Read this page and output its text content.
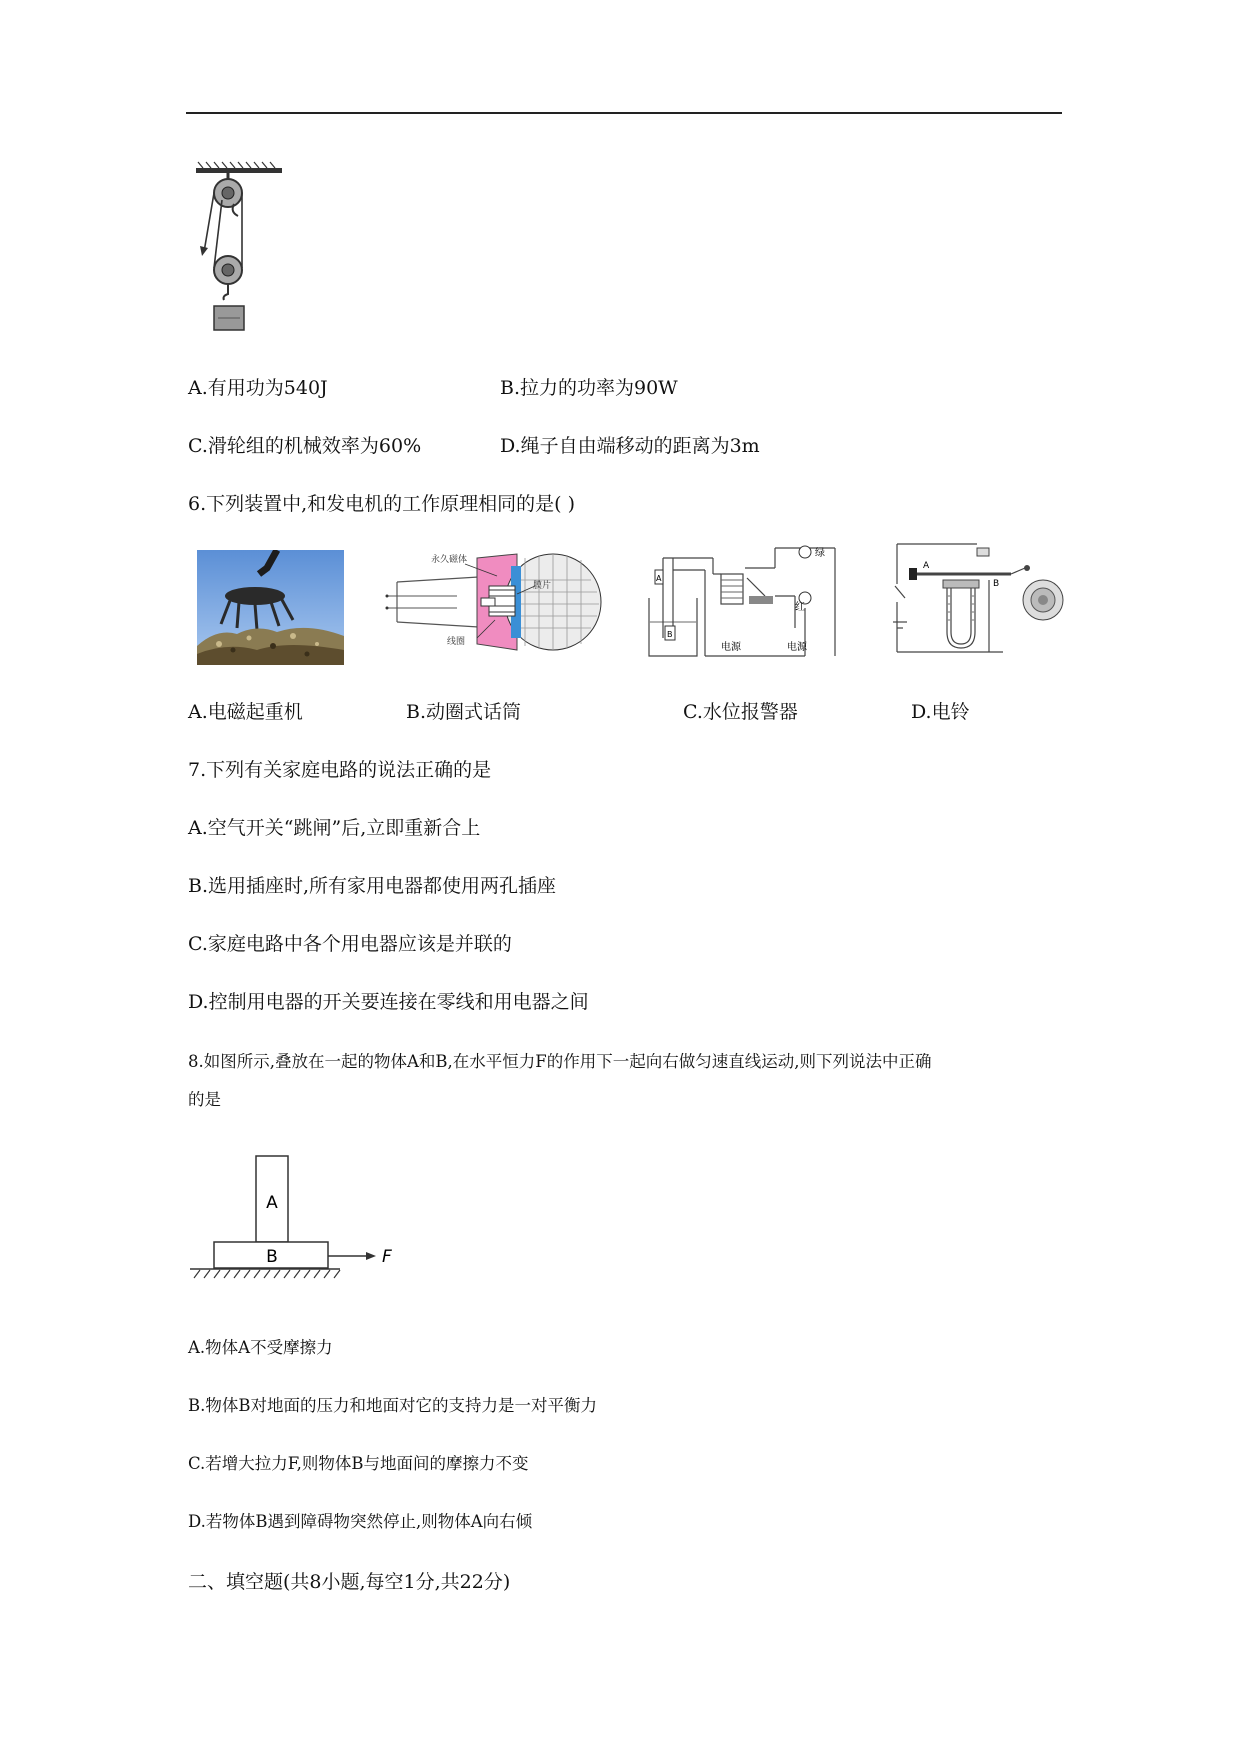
A.有用功为540J	B.拉力的功率为90W
C.滑轮组的机械效率为60%	D.绳子自由端移动的距离为3m
6.下列装置中,和发电机的工作原理相同的是( )
永久磁体
线圈
膜片
A
B
绿
红
电源	电源
A
B
A.电磁起重机	B.动圈式话筒	C.水位报警器	D.电铃
7.下列有关家庭电路的说法正确的是
A.空气开关“跳闸”后,立即重新合上
B.选用插座时,所有家用电器都使用两孔插座
C.家庭电路中各个用电器应该是并联的
D.控制用电器的开关要连接在零线和用电器之间
8.如图所示,叠放在一起的物体A和B,在水平恒力F的作用下一起向右做匀速直线运动,则下列说法中正确
的是
A
B	F
A.物体A不受摩擦力
B.物体B对地面的压力和地面对它的支持力是一对平衡力
C.若增大拉力F,则物体B与地面间的摩擦力不变
D.若物体B遇到障碍物突然停止,则物体A向右倾
二、填空题(共8小题,每空1分,共22分)
